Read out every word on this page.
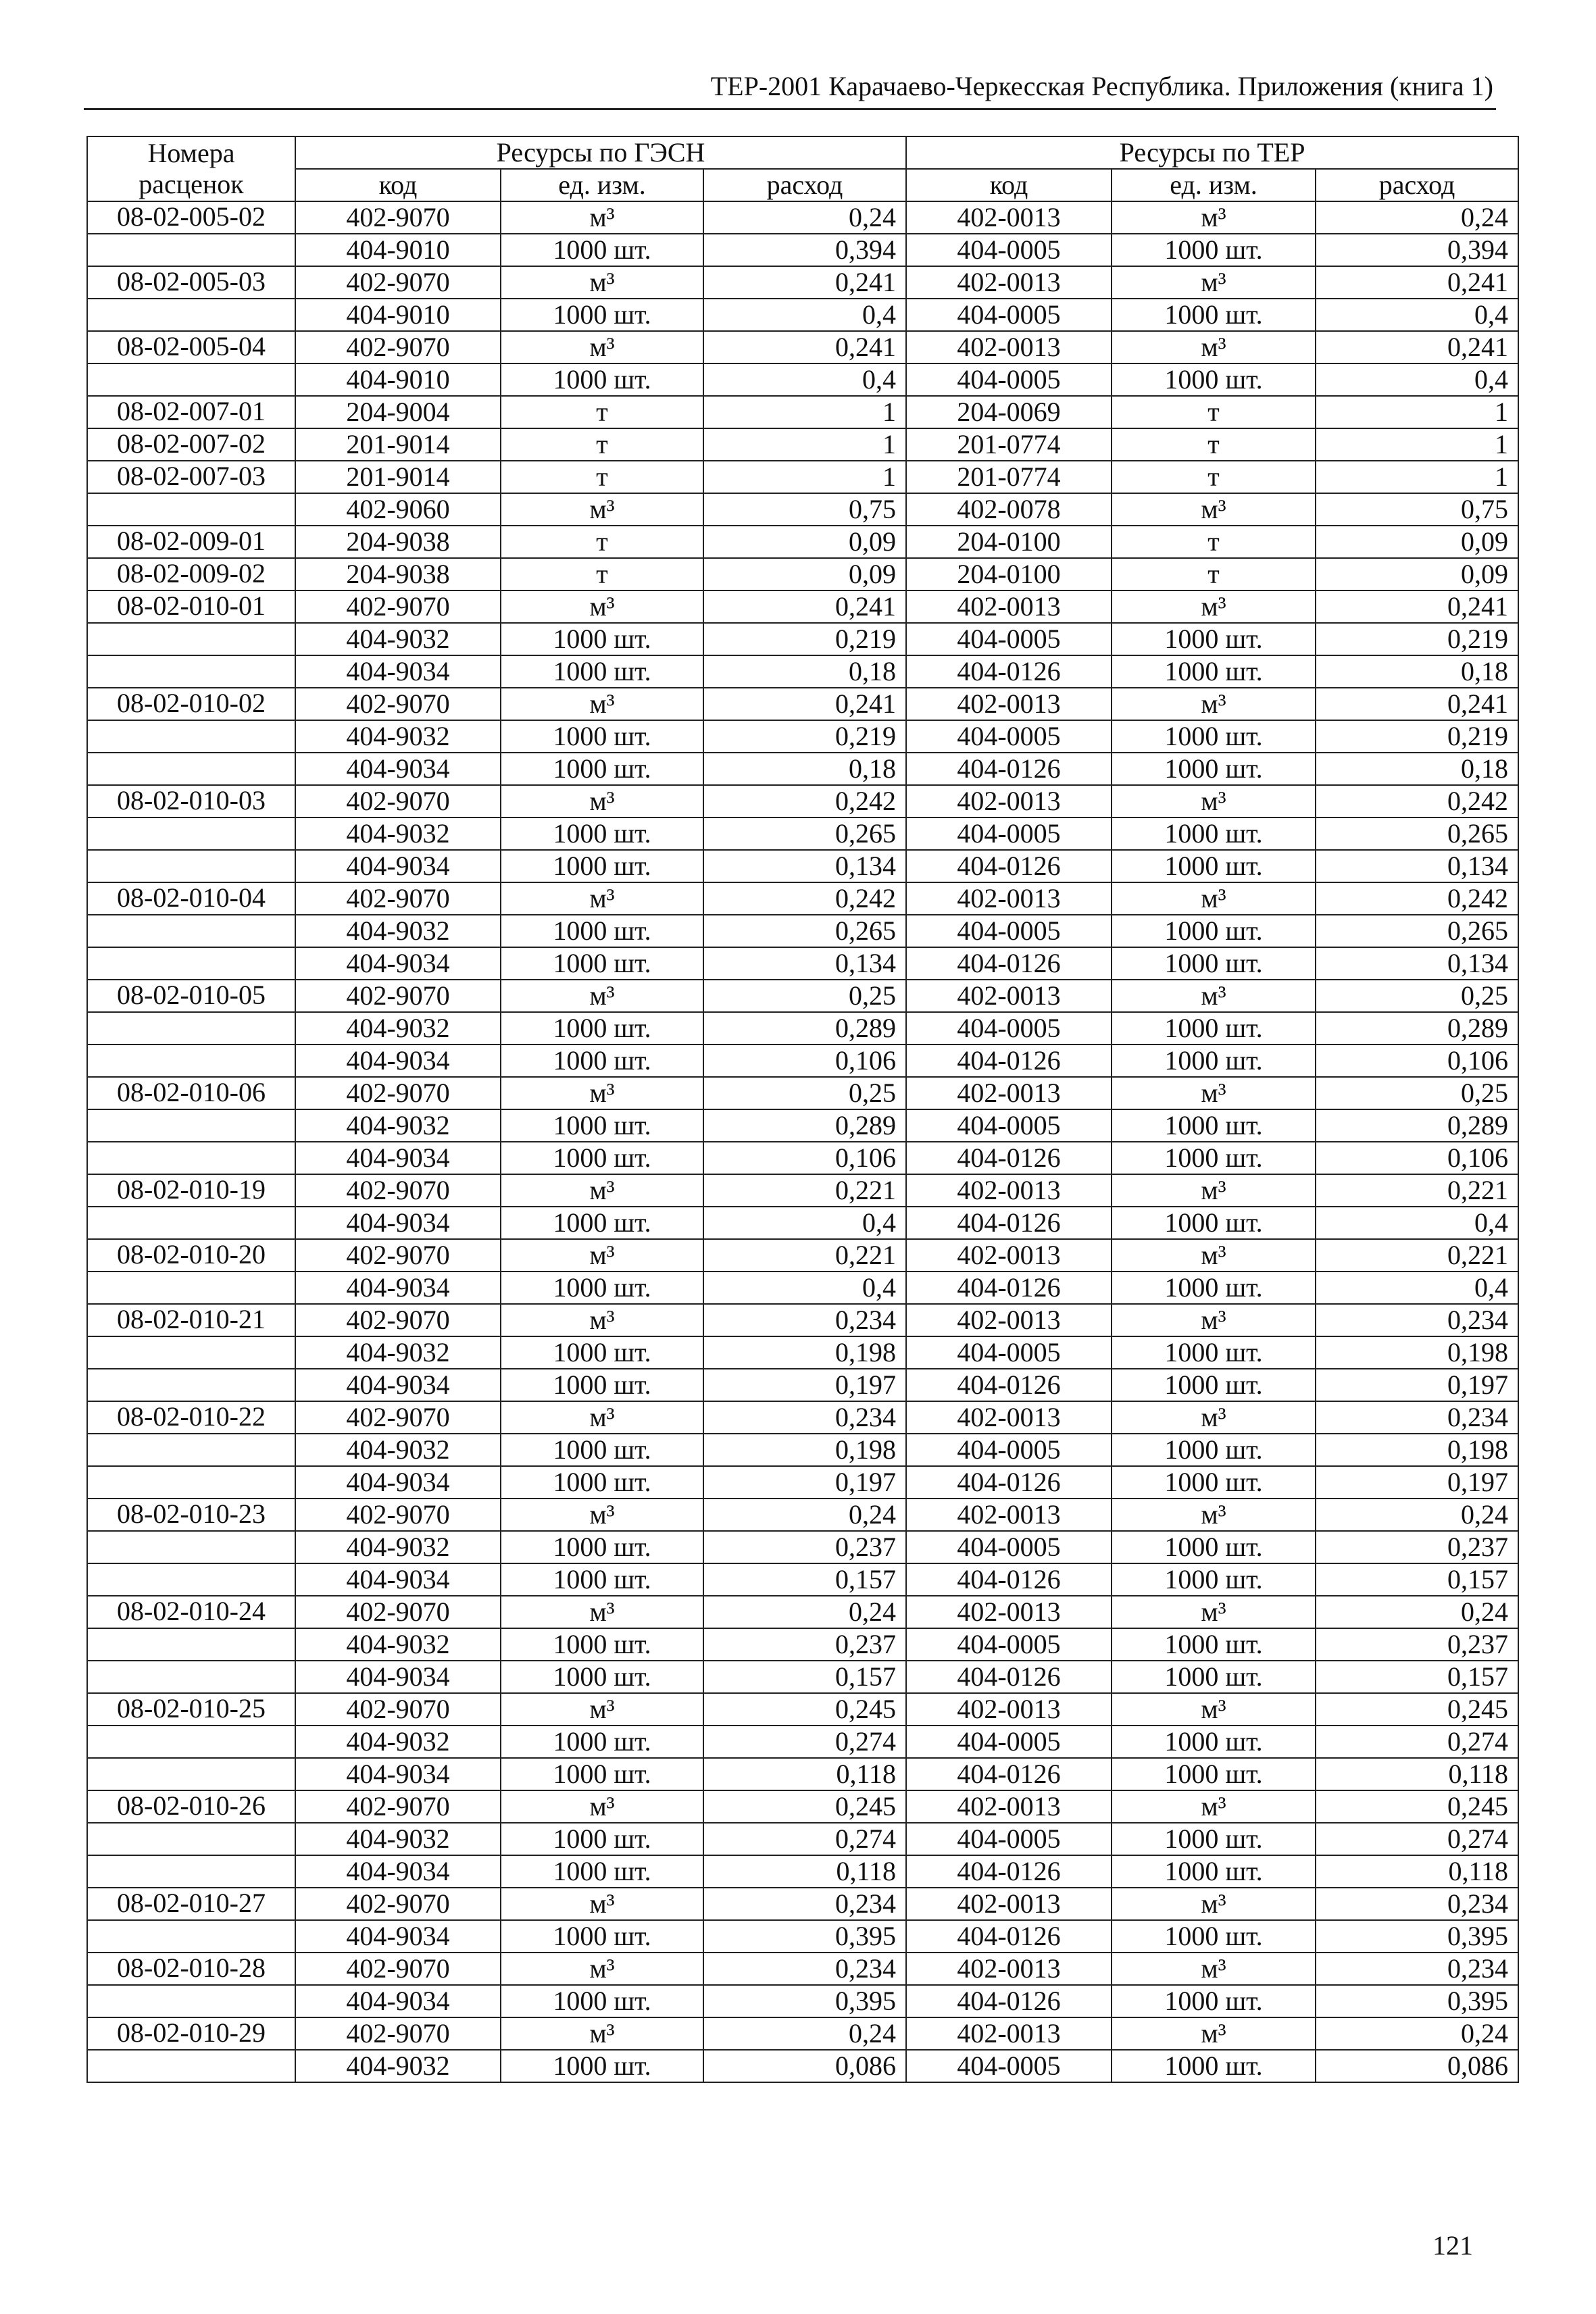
ТЕР-2001 Карачаево-Черкесская Республика. Приложения (книга 1)
Номера
расценок	Ресурсы по ГЭСН			Ресурсы по ТЕР		
	код	ед. изм.	расход	код	ед. изм.	расход
08-02-005-02	402-9070	м³	0,24	402-0013	м³	0,24
	404-9010	1000 шт.	0,394	404-0005	1000 шт.	0,394
08-02-005-03	402-9070	м³	0,241	402-0013	м³	0,241
	404-9010	1000 шт.	0,4	404-0005	1000 шт.	0,4
08-02-005-04	402-9070	м³	0,241	402-0013	м³	0,241
	404-9010	1000 шт.	0,4	404-0005	1000 шт.	0,4
08-02-007-01	204-9004	т	1	204-0069	т	1
08-02-007-02	201-9014	т	1	201-0774	т	1
08-02-007-03	201-9014	т	1	201-0774	т	1
	402-9060	м³	0,75	402-0078	м³	0,75
08-02-009-01	204-9038	т	0,09	204-0100	т	0,09
08-02-009-02	204-9038	т	0,09	204-0100	т	0,09
08-02-010-01	402-9070	м³	0,241	402-0013	м³	0,241
	404-9032	1000 шт.	0,219	404-0005	1000 шт.	0,219
	404-9034	1000 шт.	0,18	404-0126	1000 шт.	0,18
08-02-010-02	402-9070	м³	0,241	402-0013	м³	0,241
	404-9032	1000 шт.	0,219	404-0005	1000 шт.	0,219
	404-9034	1000 шт.	0,18	404-0126	1000 шт.	0,18
08-02-010-03	402-9070	м³	0,242	402-0013	м³	0,242
	404-9032	1000 шт.	0,265	404-0005	1000 шт.	0,265
	404-9034	1000 шт.	0,134	404-0126	1000 шт.	0,134
08-02-010-04	402-9070	м³	0,242	402-0013	м³	0,242
	404-9032	1000 шт.	0,265	404-0005	1000 шт.	0,265
	404-9034	1000 шт.	0,134	404-0126	1000 шт.	0,134
08-02-010-05	402-9070	м³	0,25	402-0013	м³	0,25
	404-9032	1000 шт.	0,289	404-0005	1000 шт.	0,289
	404-9034	1000 шт.	0,106	404-0126	1000 шт.	0,106
08-02-010-06	402-9070	м³	0,25	402-0013	м³	0,25
	404-9032	1000 шт.	0,289	404-0005	1000 шт.	0,289
	404-9034	1000 шт.	0,106	404-0126	1000 шт.	0,106
08-02-010-19	402-9070	м³	0,221	402-0013	м³	0,221
	404-9034	1000 шт.	0,4	404-0126	1000 шт.	0,4
08-02-010-20	402-9070	м³	0,221	402-0013	м³	0,221
	404-9034	1000 шт.	0,4	404-0126	1000 шт.	0,4
08-02-010-21	402-9070	м³	0,234	402-0013	м³	0,234
	404-9032	1000 шт.	0,198	404-0005	1000 шт.	0,198
	404-9034	1000 шт.	0,197	404-0126	1000 шт.	0,197
08-02-010-22	402-9070	м³	0,234	402-0013	м³	0,234
	404-9032	1000 шт.	0,198	404-0005	1000 шт.	0,198
	404-9034	1000 шт.	0,197	404-0126	1000 шт.	0,197
08-02-010-23	402-9070	м³	0,24	402-0013	м³	0,24
	404-9032	1000 шт.	0,237	404-0005	1000 шт.	0,237
	404-9034	1000 шт.	0,157	404-0126	1000 шт.	0,157
08-02-010-24	402-9070	м³	0,24	402-0013	м³	0,24
	404-9032	1000 шт.	0,237	404-0005	1000 шт.	0,237
	404-9034	1000 шт.	0,157	404-0126	1000 шт.	0,157
08-02-010-25	402-9070	м³	0,245	402-0013	м³	0,245
	404-9032	1000 шт.	0,274	404-0005	1000 шт.	0,274
	404-9034	1000 шт.	0,118	404-0126	1000 шт.	0,118
08-02-010-26	402-9070	м³	0,245	402-0013	м³	0,245
	404-9032	1000 шт.	0,274	404-0005	1000 шт.	0,274
	404-9034	1000 шт.	0,118	404-0126	1000 шт.	0,118
08-02-010-27	402-9070	м³	0,234	402-0013	м³	0,234
	404-9034	1000 шт.	0,395	404-0126	1000 шт.	0,395
08-02-010-28	402-9070	м³	0,234	402-0013	м³	0,234
	404-9034	1000 шт.	0,395	404-0126	1000 шт.	0,395
08-02-010-29	402-9070	м³	0,24	402-0013	м³	0,24
	404-9032	1000 шт.	0,086	404-0005	1000 шт.	0,086
121
